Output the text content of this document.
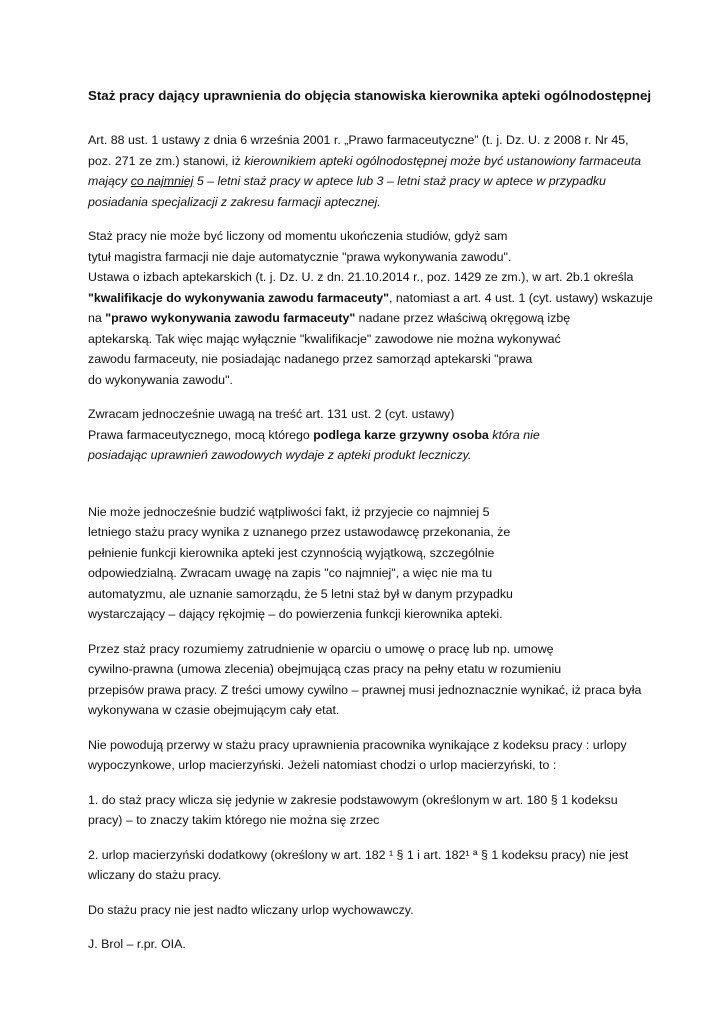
Staż pracy dający uprawnienia do objęcia stanowiska kierownika apteki ogólnodostępnej
Art. 88 ust. 1 ustawy z dnia 6 września 2001 r. „Prawo farmaceutyczne” (t. j. Dz. U. z 2008 r. Nr 45,
poz. 271 ze zm.) stanowi, iż kierownikiem apteki ogólnodostępnej może być ustanowiony farmaceuta
mający co najmniej 5 – letni staż pracy w aptece lub 3 – letni staż pracy w aptece w przypadku
posiadania specjalizacji z zakresu farmacji aptecznej.
Staż pracy nie może być liczony od momentu ukończenia studiów, gdyż sam
tytuł magistra farmacji nie daje automatycznie "prawa wykonywania zawodu".
Ustawa o izbach aptekarskich (t. j. Dz. U. z dn. 21.10.2014 r., poz. 1429 ze zm.), w art. 2b.1 określa
"kwalifikacje do wykonywania zawodu farmaceuty", natomiast a art. 4 ust. 1 (cyt. ustawy) wskazuje
na "prawo wykonywania zawodu farmaceuty" nadane przez właściwą okręgową izbę
aptekarską. Tak więc mając wyłącznie "kwalifikacje" zawodowe nie można wykonywać
zawodu farmaceuty, nie posiadając nadanego przez samorząd aptekarski "prawa
do wykonywania zawodu".
Zwracam jednocześnie uwagą na treść art. 131 ust. 2 (cyt. ustawy)
Prawa farmaceutycznego, mocą którego podlega karze grzywny osoba która nie
posiadając uprawnień zawodowych wydaje z apteki produkt leczniczy.
Nie może jednocześnie budzić wątpliwości fakt, iż przyjecie co najmniej 5
letniego stażu pracy wynika z uznanego przez ustawodawcę przekonania, że
pełnienie funkcji kierownika apteki jest czynnością wyjątkową, szczególnie
odpowiedzialną. Zwracam uwagę na zapis "co najmniej", a więc nie ma tu
automatyzmu, ale uznanie samorządu, że 5 letni staż był w danym przypadku
wystarczający – dający rękojmię – do powierzenia funkcji kierownika apteki.
Przez staż pracy rozumiemy zatrudnienie w oparciu o umowę o pracę lub np. umowę
cywilno-prawna (umowa zlecenia) obejmującą czas pracy na pełny etatu w rozumieniu
przepisów prawa pracy. Z treści umowy cywilno – prawnej musi jednoznacznie wynikać, iż praca była
wykonywana w czasie obejmującym cały etat.
Nie powodują przerwy w stażu pracy uprawnienia pracownika wynikające z kodeksu pracy : urlopy
wypoczynkowe, urlop macierzyński. Jeżeli natomiast chodzi o urlop macierzyński, to :
1. do staż pracy wlicza się jedynie w zakresie podstawowym (określonym w art. 180 § 1 kodeksu
pracy) – to znaczy takim którego nie można się zrzec
2. urlop macierzyński dodatkowy (określony w art. 182 ¹ § 1 i art. 182¹ ª § 1 kodeksu pracy) nie jest
wliczany do stażu pracy.
Do stażu pracy nie jest nadto wliczany urlop wychowawczy.
J. Brol – r.pr. OIA.
